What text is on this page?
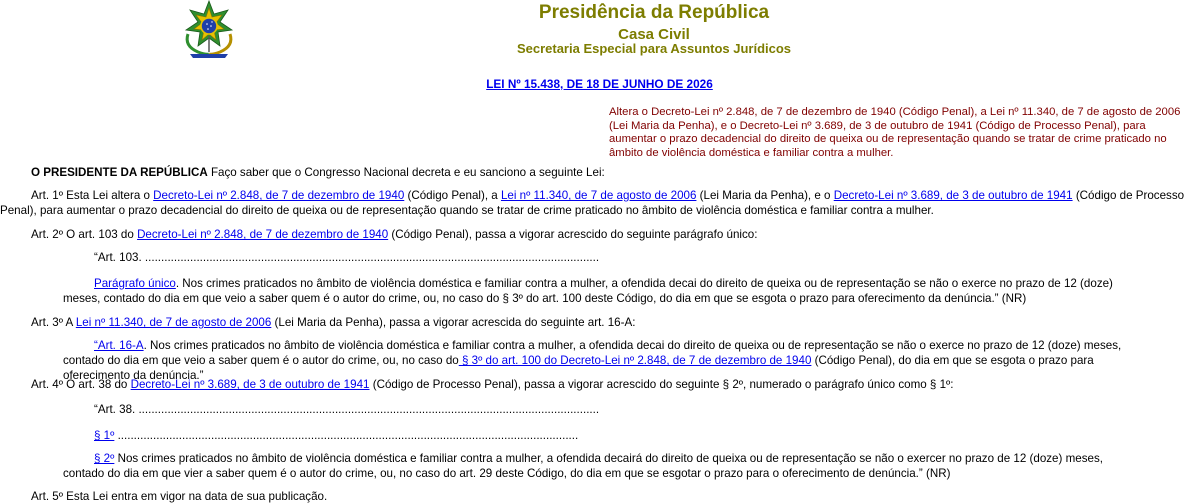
Presidência da República
Casa Civil
Secretaria Especial para Assuntos Jurídicos
LEI Nº 15.438, DE 18 DE JUNHO DE 2026
Altera o Decreto-Lei nº 2.848, de 7 de dezembro de 1940 (Código Penal), a Lei nº 11.340, de 7 de agosto de 2006 (Lei Maria da Penha), e o Decreto-Lei nº 3.689, de 3 de outubro de 1941 (Código de Processo Penal), para aumentar o prazo decadencial do direito de queixa ou de representação quando se tratar de crime praticado no âmbito de violência doméstica e familiar contra a mulher.

O PRESIDENTE DA REPÚBLICA Faço saber que o Congresso Nacional decreta e eu sanciono a seguinte Lei:

Art. 1º Esta Lei altera o Decreto-Lei nº 2.848, de 7 de dezembro de 1940 (Código Penal), a Lei nº 11.340, de 7 de agosto de 2006 (Lei Maria da Penha), e o Decreto-Lei nº 3.689, de 3 de outubro de 1941 (Código de Processo Penal), para aumentar o prazo decadencial do direito de queixa ou de representação quando se tratar de crime praticado no âmbito de violência doméstica e familiar contra a mulher.

Art. 2º O art. 103 do Decreto-Lei nº 2.848, de 7 de dezembro de 1940 (Código Penal), passa a vigorar acrescido do seguinte parágrafo único:

“Art. 103. .............................................................................................................................................

Parágrafo único. Nos crimes praticados no âmbito de violência doméstica e familiar contra a mulher, a ofendida decai do direito de queixa ou de representação se não o exerce no prazo de 12 (doze) meses, contado do dia em que veio a saber quem é o autor do crime, ou, no caso do § 3º do art. 100 deste Código, do dia em que se esgota o prazo para oferecimento da denúncia.” (NR)

Art. 3º A Lei nº 11.340, de 7 de agosto de 2006 (Lei Maria da Penha), passa a vigorar acrescida do seguinte art. 16-A:

“Art. 16-A. Nos crimes praticados no âmbito de violência doméstica e familiar contra a mulher, a ofendida decai do direito de queixa ou de representação se não o exerce no prazo de 12 (doze) meses, contado do dia em que veio a saber quem é o autor do crime, ou, no caso do § 3º do art. 100 do Decreto-Lei nº 2.848, de 7 de dezembro de 1940 (Código Penal), do dia em que se esgota o prazo para oferecimento da denúncia.”

Art. 4º O art. 38 do Decreto-Lei nº 3.689, de 3 de outubro de 1941 (Código de Processo Penal), passa a vigorar acrescido do seguinte § 2º, numerado o parágrafo único como § 1º:

“Art. 38. ...............................................................................................................................................

§ 1º ...............................................................................................................................................

§ 2º Nos crimes praticados no âmbito de violência doméstica e familiar contra a mulher, a ofendida decairá do direito de queixa ou de representação se não o exercer no prazo de 12 (doze) meses, contado do dia em que vier a saber quem é o autor do crime, ou, no caso do art. 29 deste Código, do dia em que se esgotar o prazo para o oferecimento de denúncia.” (NR)

Art. 5º Esta Lei entra em vigor na data de sua publicação.
